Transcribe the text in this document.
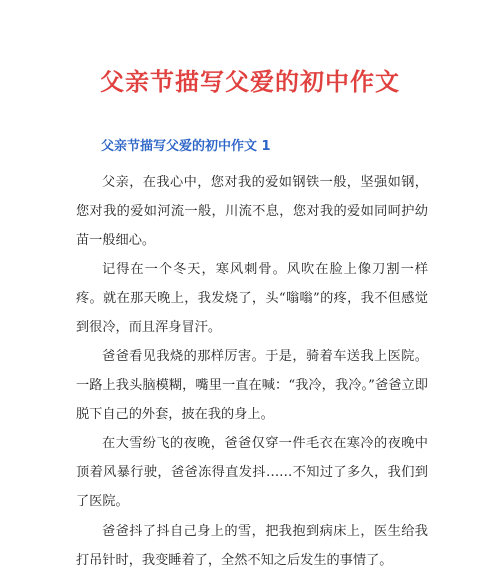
父亲节描写父爱的初中作文
父亲节描写父爱的初中作文 1

父亲，在我心中，您对我的爱如钢铁一般，坚强如钢，您对我的爱如河流一般，川流不息，您对我的爱如同呵护幼苗一般细心。

记得在一个冬天，寒风刺骨。风吹在脸上像刀割一样疼。就在那天晚上，我发烧了，头“嗡嗡”的疼，我不但感觉到很冷，而且浑身冒汗。

爸爸看见我烧的那样厉害。于是，骑着车送我上医院。一路上我头脑模糊，嘴里一直在喊：“我冷，我冷。”爸爸立即脱下自己的外套，披在我的身上。

在大雪纷飞的夜晚，爸爸仅穿一件毛衣在寒冷的夜晚中顶着风暴行驶，爸爸冻得直发抖……不知过了多久，我们到了医院。

爸爸抖了抖自己身上的雪，把我抱到病床上，医生给我打吊针时，我变睡着了，全然不知之后发生的事情了。
